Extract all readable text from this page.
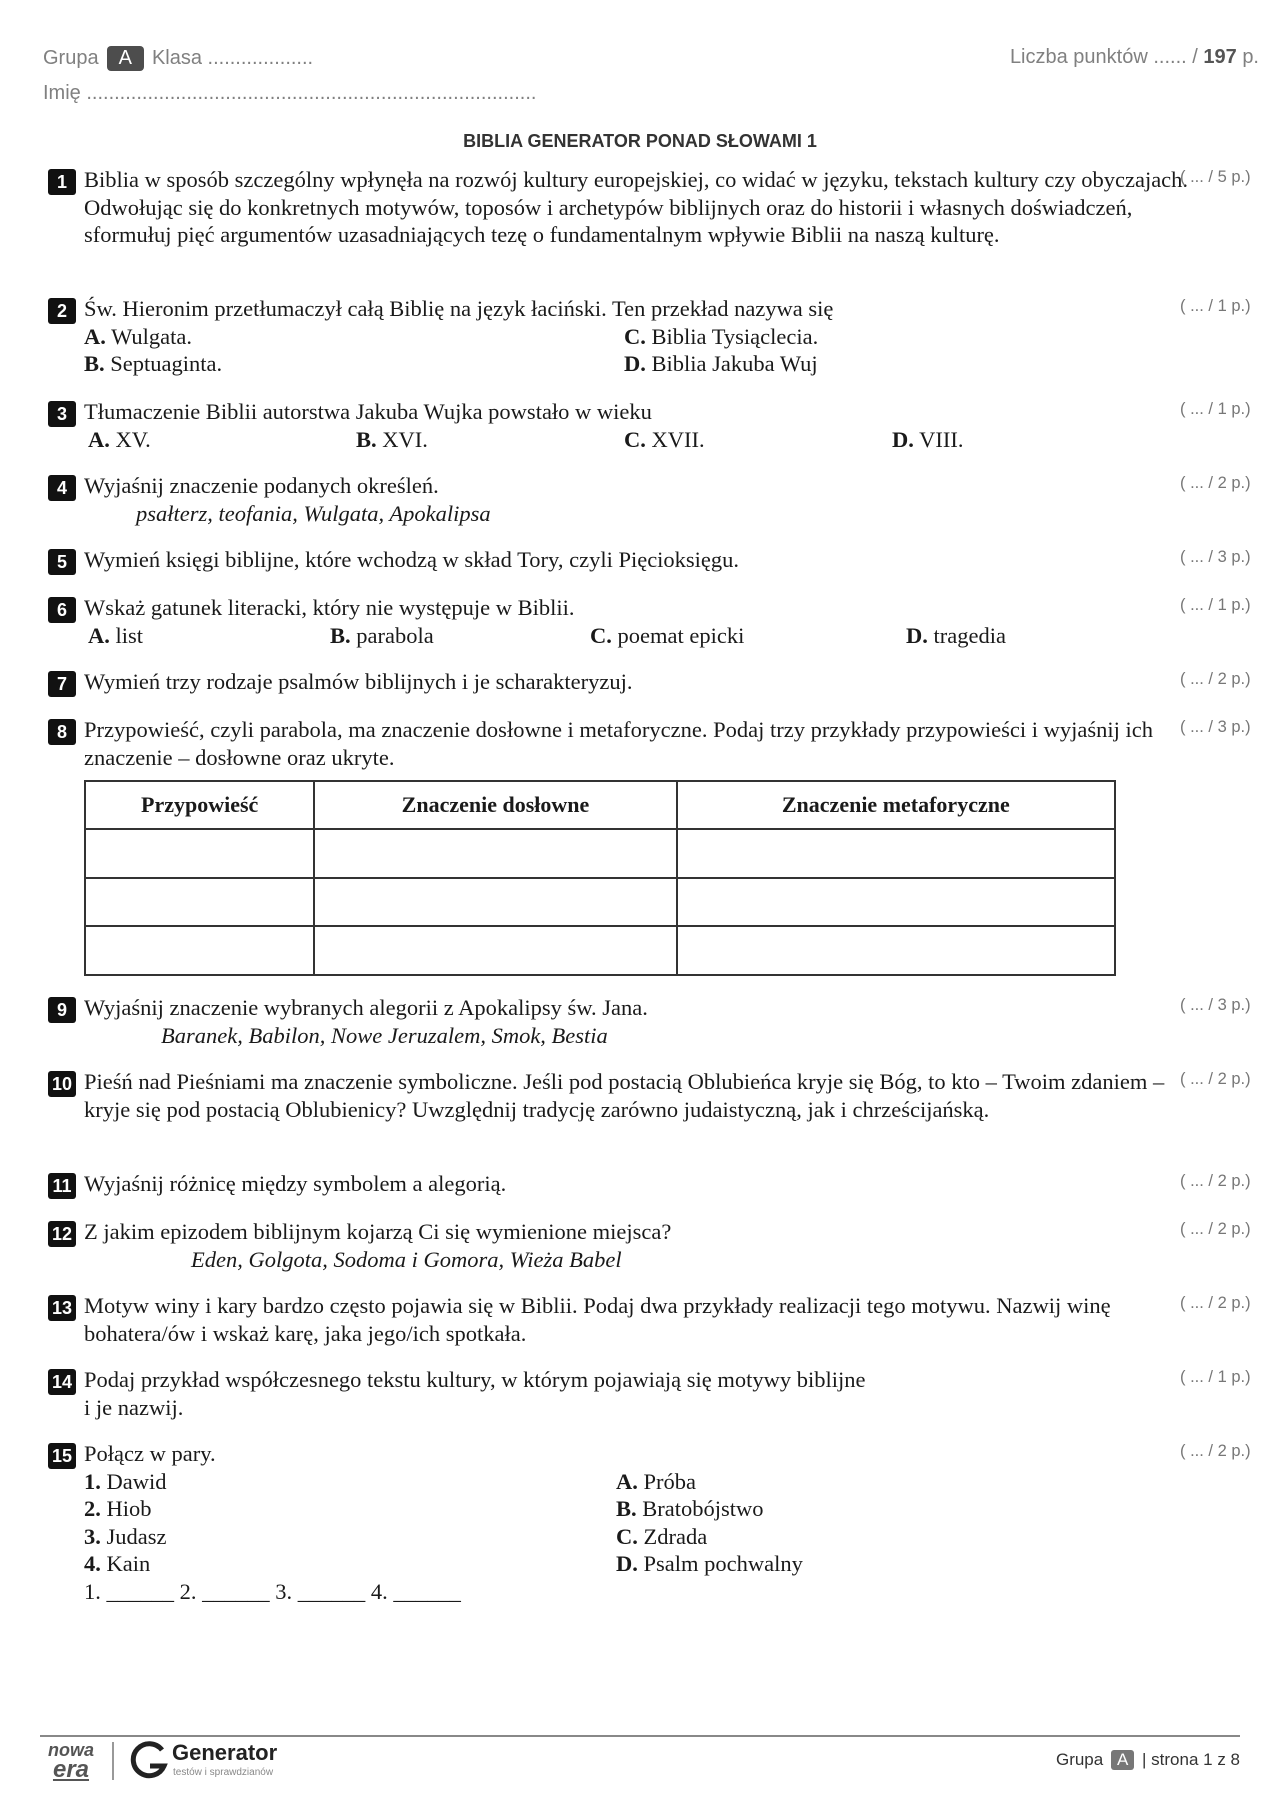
Grupa A Klasa ...................	Liczba punktów ...... / 197 p.
Imię .................................................................................
BIBLIA GENERATOR PONAD SŁOWAMI 1
1 Biblia w sposób szczególny wpłynęła na rozwój kultury europejskiej, co widać w języku, tekstach kultury czy obyczajach. Odwołując się do konkretnych motywów, toposów i archetypów biblijnych oraz do historii i własnych doświadczeń, sformułuj pięć argumentów uzasadniających tezę o fundamentalnym wpływie Biblii na naszą kulturę.
( ... / 5 p.)
2 Św. Hieronim przetłumaczył całą Biblię na język łaciński. Ten przekład nazywa się
A. Wulgata.	C. Biblia Tysiąclecia.
B. Septuaginta.	D. Biblia Jakuba Wuj
( ... / 1 p.)
3 Tłumaczenie Biblii autorstwa Jakuba Wujka powstało w wieku
A. XV.	B. XVI.	C. XVII.	D. VIII.
( ... / 1 p.)
4 Wyjaśnij znaczenie podanych określeń.
psałterz, teofania, Wulgata, Apokalipsa
( ... / 2 p.)
5 Wymień księgi biblijne, które wchodzą w skład Tory, czyli Pięcioksięgu.	( ... / 3 p.)
6 Wskaż gatunek literacki, który nie występuje w Biblii.
A. list	B. parabola	C. poemat epicki	D. tragedia
( ... / 1 p.)
7 Wymień trzy rodzaje psalmów biblijnych i je scharakteryzuj.	( ... / 2 p.)
8 Przypowieść, czyli parabola, ma znaczenie dosłowne i metaforyczne. Podaj trzy przykłady przypowieści i wyjaśnij ich znaczenie – dosłowne oraz ukryte.
( ... / 3 p.)
Przypowieść	Znaczenie dosłowne	Znaczenie metaforyczne

9 Wyjaśnij znaczenie wybranych alegorii z Apokalipsy św. Jana.
Baranek, Babilon, Nowe Jeruzalem, Smok, Bestia
( ... / 3 p.)
10 Pieśń nad Pieśniami ma znaczenie symboliczne. Jeśli pod postacią Oblubieńca kryje się Bóg, to kto – Twoim zdaniem – kryje się pod postacią Oblubienicy? Uwzględnij tradycję zarówno judaistyczną, jak i chrześcijańską.
( ... / 2 p.)
11 Wyjaśnij różnicę między symbolem a alegorią.	( ... / 2 p.)
12 Z jakim epizodem biblijnym kojarzą Ci się wymienione miejsca?
Eden, Golgota, Sodoma i Gomora, Wieża Babel
( ... / 2 p.)
13 Motyw winy i kary bardzo często pojawia się w Biblii. Podaj dwa przykłady realizacji tego motywu. Nazwij winę bohatera/ów i wskaż karę, jaka jego/ich spotkała.
( ... / 2 p.)
14 Podaj przykład współczesnego tekstu kultury, w którym pojawiają się motywy biblijne
i je nazwij.
( ... / 1 p.)
15 Połącz w pary.
1. Dawid	A. Próba
2. Hiob	B. Bratobójstwo
3. Judasz	C. Zdrada
4. Kain	D. Psalm pochwalny
1. ______ 2. ______ 3. ______ 4. ______
( ... / 2 p.)
nowa
era
Generator
testów i sprawdzianów
Grupa A | strona 1 z 8
